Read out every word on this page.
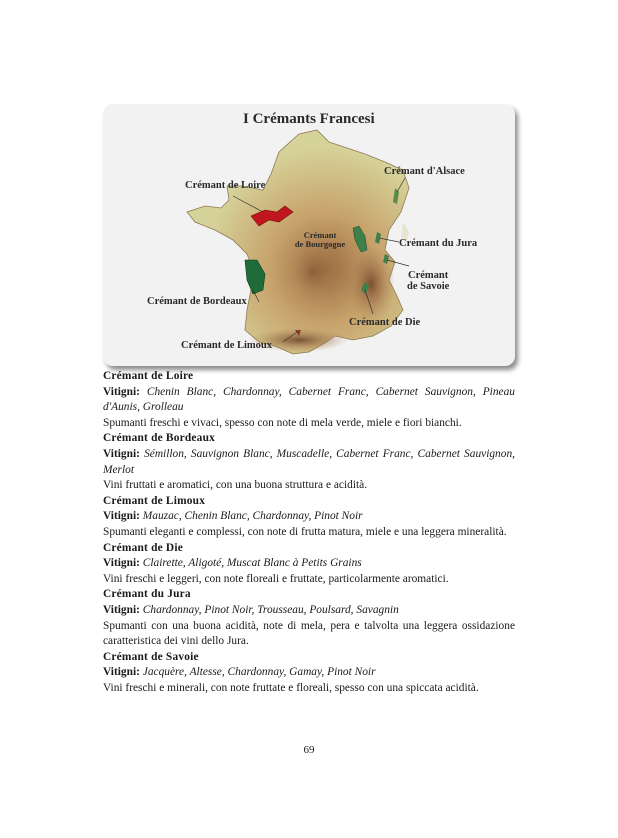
I Crémants Francesi
Crémant de Loire
Crémant d'Alsace
Crémant
de Bourgogne	Crémant du Jura
Crémant
de Savoie
Crémant de Bordeaux
Crémant de Die
Crémant de Limoux
Crémant de Loire
Vitigni: Chenin Blanc, Chardonnay, Cabernet Franc, Cabernet Sauvignon, Pineau d'Aunis, Grolleau
Spumanti freschi e vivaci, spesso con note di mela verde, miele e fiori bianchi.
Crémant de Bordeaux
Vitigni: Sémillon, Sauvignon Blanc, Muscadelle, Cabernet Franc, Cabernet Sauvignon, Merlot
Vini fruttati e aromatici, con una buona struttura e acidità.
Crémant de Limoux
Vitigni: Mauzac, Chenin Blanc, Chardonnay, Pinot Noir
Spumanti eleganti e complessi, con note di frutta matura, miele e una leggera mineralità.
Crémant de Die
Vitigni: Clairette, Aligoté, Muscat Blanc à Petits Grains
Vini freschi e leggeri, con note floreali e fruttate, particolarmente aromatici.
Crémant du Jura
Vitigni: Chardonnay, Pinot Noir, Trousseau, Poulsard, Savagnin
Spumanti con una buona acidità, note di mela, pera e talvolta una leggera ossidazione caratteristica dei vini dello Jura.
Crémant de Savoie
Vitigni: Jacquère, Altesse, Chardonnay, Gamay, Pinot Noir
Vini freschi e minerali, con note fruttate e floreali, spesso con una spiccata acidità.
69
